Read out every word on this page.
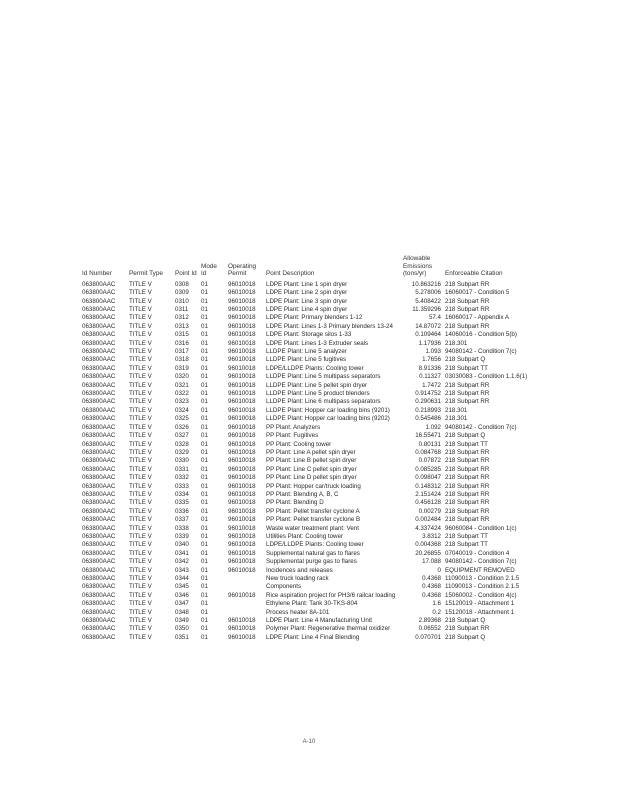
Id Number	Permit Type	Point Id	Mode Id	Operating Permit	Point Description	Allowable Emissions (tons/yr)	Enforceable Citation
063800AAC	TITLE V	0308	01	96010018	LDPE Plant: Line 1 spin dryer	10.863216	218 Subpart RR
063800AAC	TITLE V	0309	01	96010018	LDPE Plant: Line 2 spin dryer	5.278006	16060017 - Condition 5
063800AAC	TITLE V	0310	01	96010018	LDPE Plant: Line 3 spin dryer	5.408422	218 Subpart RR
063800AAC	TITLE V	0311	01	96010018	LDPE Plant: Line 4 spin dryer	11.359296	218 Subpart RR
063800AAC	TITLE V	0312	01	96010018	LDPE Plant: Primary blenders 1-12	57.4	16060017 - Appendix A
063800AAC	TITLE V	0313	01	96010018	LDPE Plant: Lines 1-3 Primary blenders 13-24	14.87072	218 Subpart RR
063800AAC	TITLE V	0315	01	96010018	LDPE Plant: Storage silos 1-33	0.109464	14060016 - Condition 5(b)
063800AAC	TITLE V	0316	01	96010018	LDPE Plant: Lines 1-3 Extruder seals	1.17936	218.301
063800AAC	TITLE V	0317	01	96010018	LLDPE Plant: Line 5 analyzer	1.093	94080142 - Condition 7(c)
063800AAC	TITLE V	0318	01	96010018	LLDPE Plant: Line 5 fugitives	1.7656	218 Subpart Q
063800AAC	TITLE V	0319	01	96010018	LDPE/LLDPE Plants: Cooling tower	8.91336	218 Subpart TT
063800AAC	TITLE V	0320	01	96010018	LLDPE Plant: Line 5 multipass separators	0.11327	03030083 - Condition 1.1.6(1)
063800AAC	TITLE V	0321	01	96010018	LLDPE Plant: Line 5 pellet spin dryer	1.7472	218 Subpart RR
063800AAC	TITLE V	0322	01	96010018	LLDPE Plant: Line 5 product blenders	0.914752	218 Subpart RR
063800AAC	TITLE V	0323	01	96010018	LLDPE Plant: Line 6 multipass separators	0.290631	218 Subpart RR
063800AAC	TITLE V	0324	01	96010018	LLDPE Plant: Hopper car loading bins (9201)	0.218993	218.301
063800AAC	TITLE V	0325	01	96010018	LLDPE Plant: Hopper car loading bins (9202)	0.545486	218.301
063800AAC	TITLE V	0326	01	96010018	PP Plant: Analyzers	1.092	94080142 - Condition 7(c)
063800AAC	TITLE V	0327	01	96010018	PP Plant: Fugitives	16.55471	218 Subpart Q
063800AAC	TITLE V	0328	01	96010018	PP Plant: Cooling tower	0.80131	218 Subpart TT
063800AAC	TITLE V	0329	01	96010018	PP Plant: Line A pellet spin dryer	0.084768	218 Subpart RR
063800AAC	TITLE V	0330	01	96010018	PP Plant: Line B pellet spin dryer	0.07872	218 Subpart RR
063800AAC	TITLE V	0331	01	96010018	PP Plant: Line C pellet spin dryer	0.085285	218 Subpart RR
063800AAC	TITLE V	0332	01	96010018	PP Plant: Line D pellet spin dryer	0.098047	218 Subpart RR
063800AAC	TITLE V	0333	01	96010018	PP Plant: Hopper car/truck loading	0.148312	218 Subpart RR
063800AAC	TITLE V	0334	01	96010018	PP Plant: Blending A, B, C	2.151424	218 Subpart RR
063800AAC	TITLE V	0335	01	96010018	PP Plant: Blending D	0.456128	218 Subpart RR
063800AAC	TITLE V	0336	01	96010018	PP Plant: Pellet transfer cyclone A	0.00279	218 Subpart RR
063800AAC	TITLE V	0337	01	96010018	PP Plant: Pellet transfer cyclone B	0.002484	218 Subpart RR
063800AAC	TITLE V	0338	01	96010018	Waste water treatment plant: Vent	4.337424	96060084 - Condition 1(c)
063800AAC	TITLE V	0339	01	96010018	Utilities Plant: Cooling tower	3.8312	218 Subpart TT
063800AAC	TITLE V	0340	01	96010018	LDPE/LLDPE Plants: Cooling tower	0.004368	218 Subpart TT
063800AAC	TITLE V	0341	01	96010018	Supplemental natural gas to flares	20.26855	07040019 - Condition 4
063800AAC	TITLE V	0342	01	96010018	Supplemental purge gas to flares	17.088	94080142 - Condition 7(c)
063800AAC	TITLE V	0343	01	96010018	Incidences and releases	0	EQUIPMENT REMOVED
063800AAC	TITLE V	0344	01		New truck loading rack	0.4368	11090013 - Condition 2.1.5
063800AAC	TITLE V	0345	01		Components	0.4368	11090013 - Condition 2.1.5
063800AAC	TITLE V	0346	01	96010018	Rice aspiration project for PH3/6 railcar loading	0.4368	15060002 - Condition 4(c)
063800AAC	TITLE V	0347	01		Ethylene Plant: Tank 30-TKS-804	1.6	15120019 - Attachment 1
063800AAC	TITLE V	0348	01		Process heater 8A-101	0.2	15120018 - Attachment 1
063800AAC	TITLE V	0349	01	96010018	LDPE Plant: Line 4 Manufacturing Unit	2.89368	218 Subpart Q
063800AAC	TITLE V	0350	01	96010018	Polymer Plant: Regenerative thermal oxidizer	0.06552	218 Subpart RR
063800AAC	TITLE V	0351	01	96010018	LDPE Plant: Line 4 Final Blending	0.070701	218 Subpart Q
A-10
